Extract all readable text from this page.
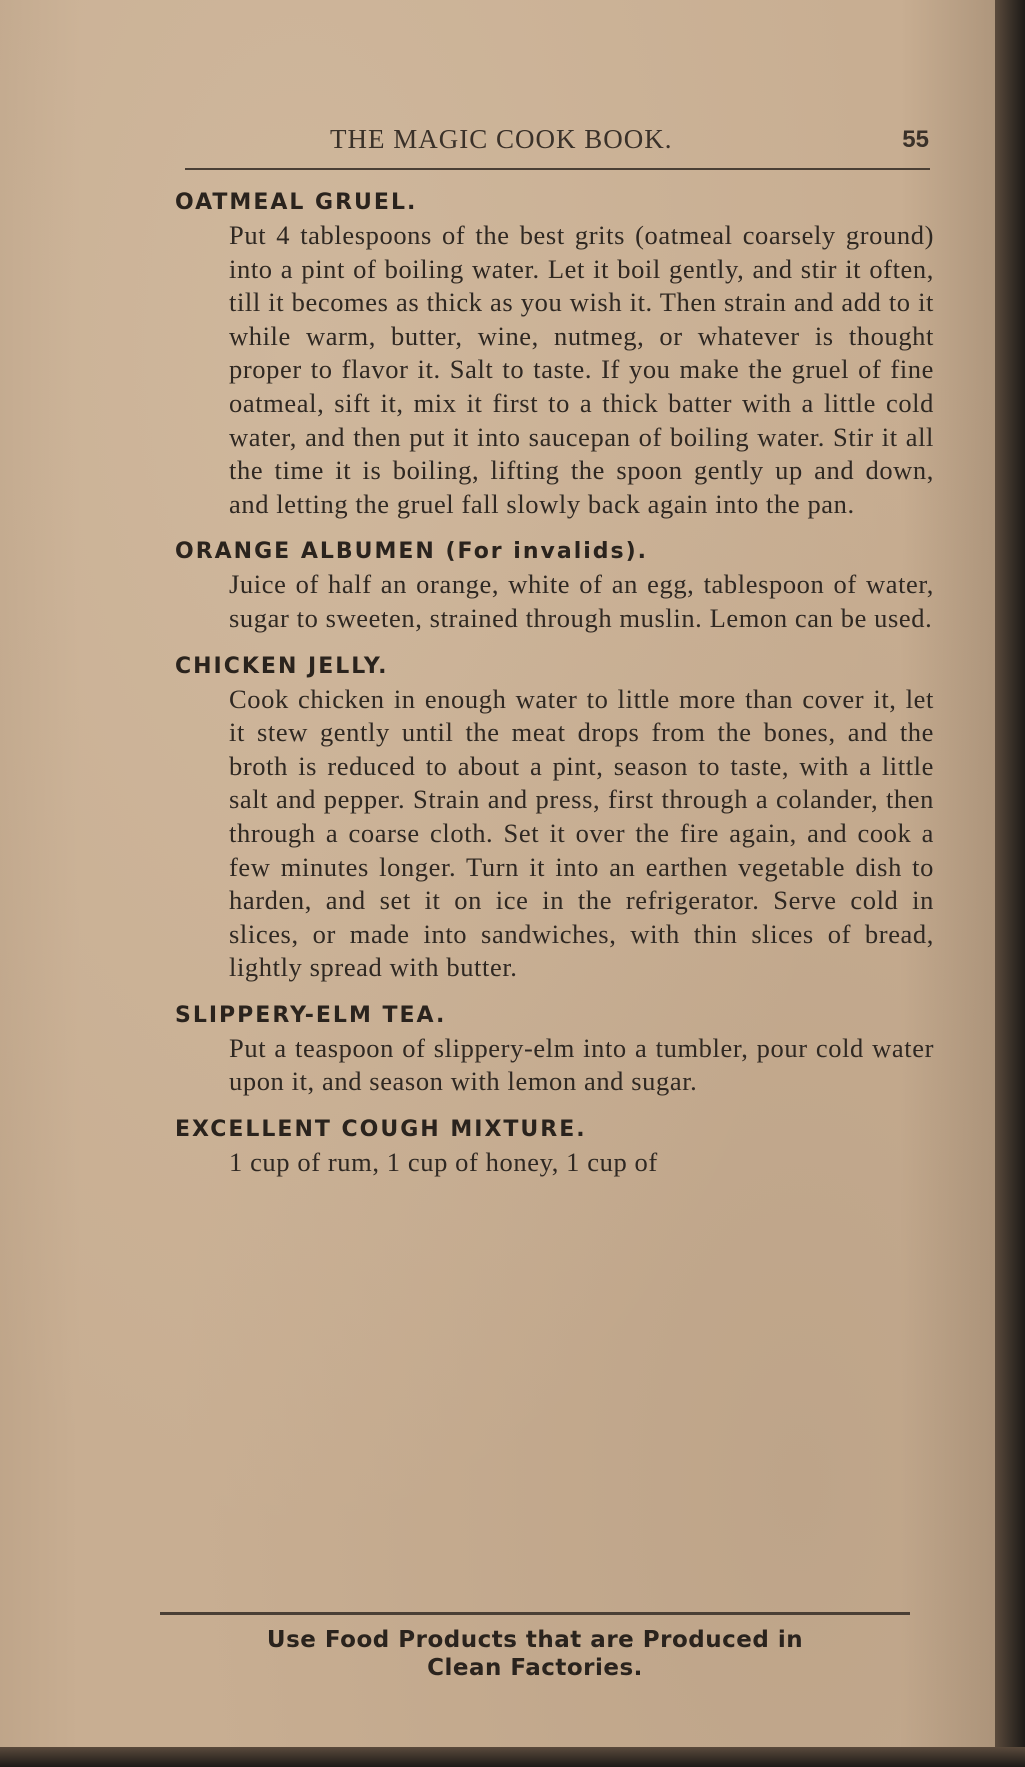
THE MAGIC COOK BOOK.	55
OATMEAL GRUEL.
Put 4 tablespoons of the best grits (oatmeal coarsely ground) into a pint of boiling water. Let it boil gently, and stir it often, till it becomes as thick as you wish it. Then strain and add to it while warm, butter, wine, nutmeg, or whatever is thought proper to flavor it. Salt to taste. If you make the gruel of fine oatmeal, sift it, mix it first to a thick batter with a little cold water, and then put it into saucepan of boiling water. Stir it all the time it is boiling, lifting the spoon gently up and down, and letting the gruel fall slowly back again into the pan.
ORANGE ALBUMEN (For invalids).
Juice of half an orange, white of an egg, tablespoon of water, sugar to sweeten, strained through muslin. Lemon can be used.
CHICKEN JELLY.
Cook chicken in enough water to little more than cover it, let it stew gently until the meat drops from the bones, and the broth is reduced to about a pint, season to taste, with a little salt and pepper. Strain and press, first through a colander, then through a coarse cloth. Set it over the fire again, and cook a few minutes longer. Turn it into an earthen vegetable dish to harden, and set it on ice in the refrigerator. Serve cold in slices, or made into sandwiches, with thin slices of bread, lightly spread with butter.
SLIPPERY-ELM TEA.
Put a teaspoon of slippery-elm into a tumbler, pour cold water upon it, and season with lemon and sugar.
EXCELLENT COUGH MIXTURE.
1 cup of rum, 1 cup of honey, 1 cup of
Use Food Products that are Produced in
Clean Factories.
